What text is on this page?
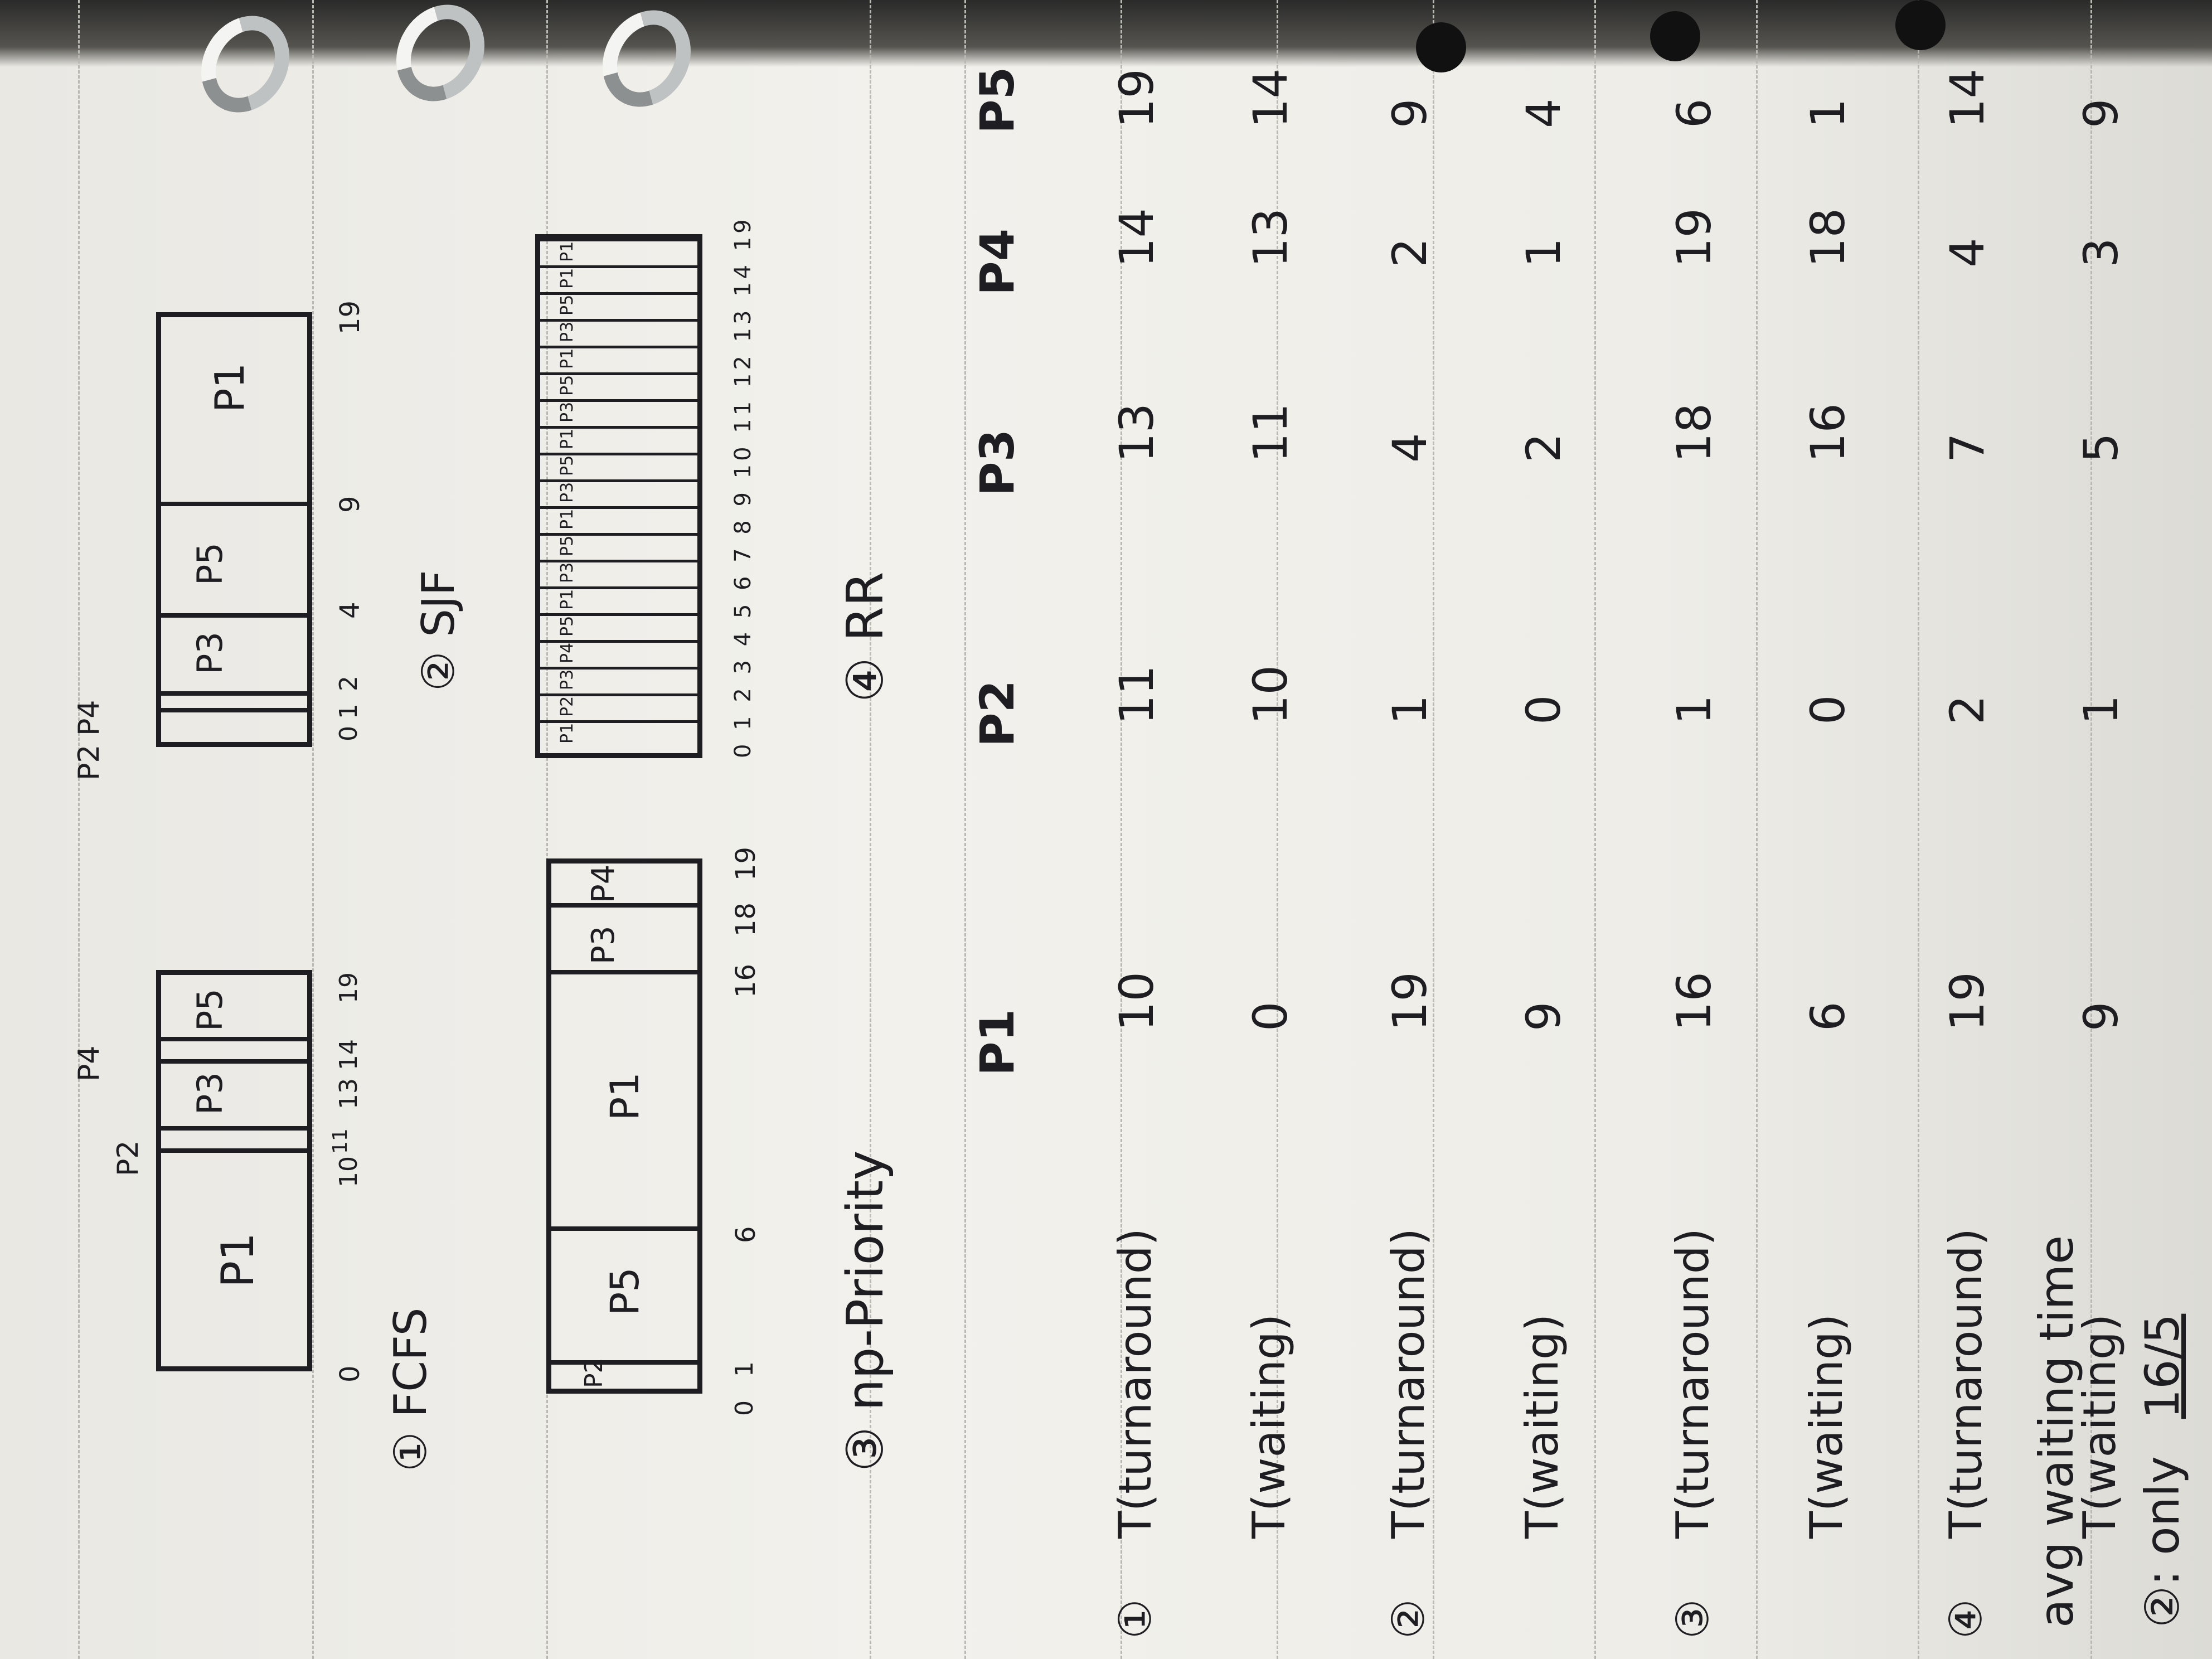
P1
P3
P5
0
10
11
13
14
19
P2
P4
① FCFS
P3
P5
P1
0
1
2
4
9
19
P2
P4
② SJF
P2
P5
P1
P3
P4
0
1
6
16
18
19
③ np-Priority
P1
P2
P3
P4
P5
P1
P3
P5
P1
P3
P5
P1
P3
P5
P1
P3
P5
P1
P1	0 1 2 3 4 5 6 7 8 9 10 11 12 13 14 19 ④ RR
P1
P2
P3
P4
P5
①
T(turnaround)
10
11
13
14
19
T(waiting)
0
10
11
13
14
②
T(turnaround)
19
1
4
2
9
T(waiting)
9
0
2
1
4
③
T(turnaround)
16
1
18
19
6
T(waiting)
6
0
16
18
1
④
T(turnaround)
19
2
7
4
14
T(waiting)
9
1
5
3
9
avg waiting time ②: only 16/5
